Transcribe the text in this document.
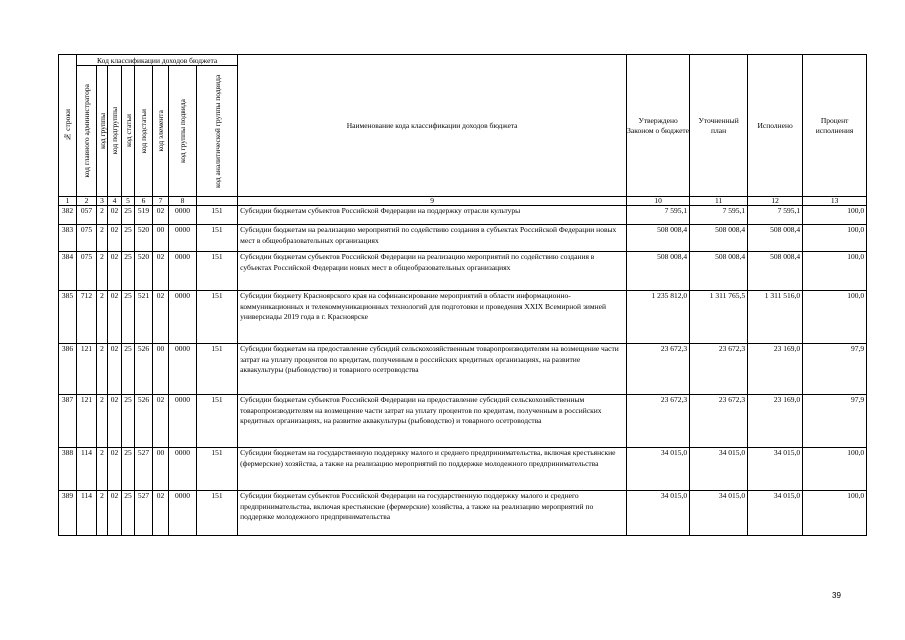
№ строки	Код классификации доходов бюджета								Наименование кода классификации доходов бюджета	Утверждено Законом о бюджете	Уточненный план	Исполнено	Процент исполнения

	код главного администратора	код группы	код подгруппы	код статьи	код подстатьи	код элемента	код группы подвида	код аналитической группы подвида					

1	2	3	4	5	6	7	8		9	10	11	12	13
382	057	2	02	25	519	02	0000	151	Субсидии бюджетам субъектов Российской Федерации на поддержку отрасли культуры	7 595,1	7 595,1	7 595,1	100,0
383	075	2	02	25	520	00	0000	151	Субсидии бюджетам на реализацию мероприятий по содействию создания в субъектах Российской Федерации новых мест в общеобразовательных организациях	508 008,4	508 008,4	508 008,4	100,0
384	075	2	02	25	520	02	0000	151	Субсидии бюджетам субъектов Российской Федерации на реализацию мероприятий по содействию создания в субъектах Российской Федерации новых мест в общеобразовательных организациях	508 008,4	508 008,4	508 008,4	100,0
385	712	2	02	25	521	02	0000	151	Субсидии бюджету Красноярского края на софинансирование мероприятий в области информационно-коммуникационных и телекоммуникационных технологий для подготовки и проведения XXIX Всемирной зимней универсиады 2019 года в г. Красноярске	1 235 812,0	1 311 765,5	1 311 516,0	100,0
386	121	2	02	25	526	00	0000	151	Субсидии бюджетам на предоставление субсидий сельскохозяйственным товаропроизводителям на возмещение части затрат на уплату процентов по кредитам, полученным в российских кредитных организациях, на развитие аквакультуры (рыбоводство) и товарного осетроводства	23 672,3	23 672,3	23 169,0	97,9
387	121	2	02	25	526	02	0000	151	Субсидии бюджетам субъектов Российской Федерации на предоставление субсидий сельскохозяйственным товаропроизводителям на возмещение части затрат на уплату процентов по кредитам, полученным в российских кредитных организациях, на развитие аквакультуры (рыбоводство) и товарного осетроводства	23 672,3	23 672,3	23 169,0	97,9
388	114	2	02	25	527	00	0000	151	Субсидии бюджетам на государственную поддержку малого и среднего предпринимательства, включая крестьянские (фермерские) хозяйства, а также на реализацию мероприятий по поддержке молодежного предпринимательства	34 015,0	34 015,0	34 015,0	100,0
389	114	2	02	25	527	02	0000	151	Субсидии бюджетам субъектов Российской Федерации на государственную поддержку малого и среднего предпринимательства, включая крестьянские (фермерские) хозяйства, а также на реализацию мероприятий по поддержке молодежного предпринимательства	34 015,0	34 015,0	34 015,0	100,0
39
